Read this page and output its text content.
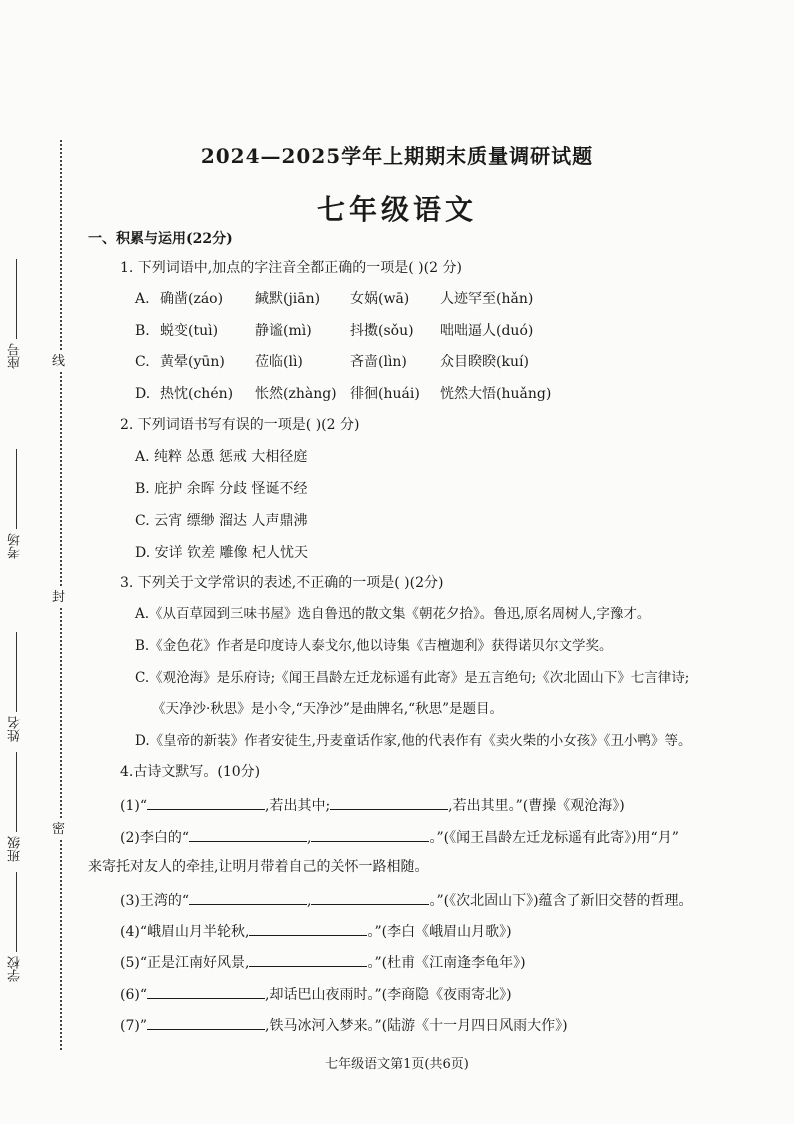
线
封
密
座号
考场
姓名
班级
学校
2024—2025学年上期期末质量调研试题
七年级语文
一、积累与运用(22分)
1. 下列词语中,加点的字注音全都正确的一项是( )(2 分)
A.确凿(záo) 緘默(jiān) 女娲(wā) 人迹罕至(hǎn)
B.蜕变(tuì)	静谧(mì)	抖擞(sǒu) 咄咄逼人(duó)
C.黄晕(yūn) 莅临(lì)	吝啬(lìn) 众目睽睽(kuí)
D.热忱(chén) 怅然(zhàng) 徘徊(huái) 恍然大悟(huǎng)
2. 下列词语书写有误的一项是( )(2 分)
A. 纯粹 怂恿 惩戒 大相径庭
B. 庇护 余晖 分歧 怪诞不经
C. 云宵 缥缈 溜达 人声鼎沸
D. 安详 钦差 雕像 杞人忧天
3. 下列关于文学常识的表述,不正确的一项是( )(2分)
A.《从百草园到三味书屋》选自鲁迅的散文集《朝花夕拾》。鲁迅,原名周树人,字豫才。
B.《金色花》作者是印度诗人泰戈尔,他以诗集《吉檀迦利》获得诺贝尔文学奖。
C.《观沧海》是乐府诗;《闻王昌龄左迁龙标遥有此寄》是五言绝句;《次北固山下》七言律诗;
《天净沙·秋思》是小令,“天净沙”是曲牌名,“秋思”是题目。
D.《皇帝的新装》作者安徒生,丹麦童话作家,他的代表作有《卖火柴的小女孩》《丑小鸭》等。
4.古诗文默写。(10分)
(1)“	,若出其中;	,若出其里。”(曹操《观沧海》)
(2)李白的“	,	。”(《闻王昌龄左迁龙标遥有此寄》)用“月”
来寄托对友人的牵挂,让明月带着自己的关怀一路相随。
(3)王湾的“	,	。”(《次北固山下》)蕴含了新旧交替的哲理。
(4)“峨眉山月半轮秋,	。”(李白《峨眉山月歌》)
(5)“正是江南好风景,	。”(杜甫《江南逢李龟年》)
(6)“	,却话巴山夜雨时。”(李商隐《夜雨寄北》)
(7)”	,铁马冰河入梦来。”(陆游《十一月四日风雨大作》)
七年级语文第1页(共6页)
